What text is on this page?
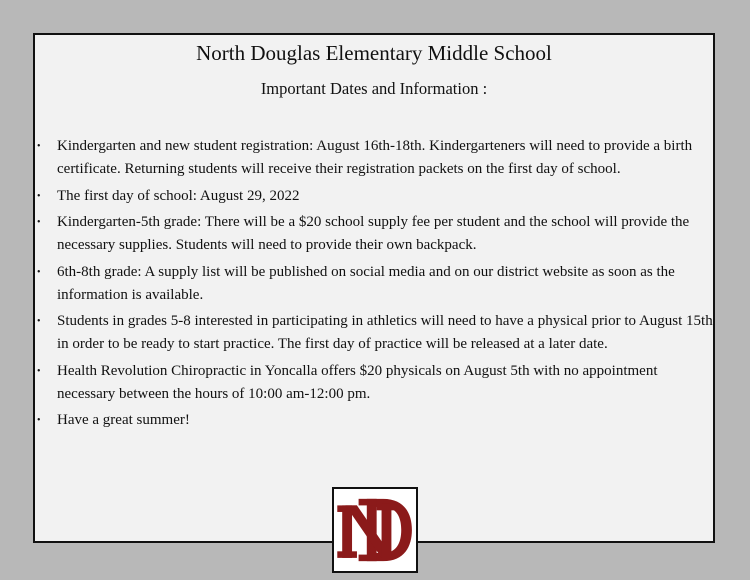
North Douglas Elementary Middle School
Important Dates and Information :
• Kindergarten and new student registration: August 16th-18th. Kindergarteners will need to provide a birth certificate. Returning students will receive their registration packets on the first day of school.
• The first day of school: August 29, 2022
• Kindergarten-5th grade: There will be a $20 school supply fee per student and the school will provide the necessary supplies. Students will need to provide their own backpack.
• 6th-8th grade: A supply list will be published on social media and on our district website as soon as the information is available.
• Students in grades 5-8 interested in participating in athletics will need to have a physical prior to August 15th in order to be ready to start practice. The first day of practice will be released at a later date.
• Health Revolution Chiropractic in Yoncalla offers $20 physicals on August 5th with no appointment necessary between the hours of 10:00 am-12:00 pm.
• Have a great summer!
